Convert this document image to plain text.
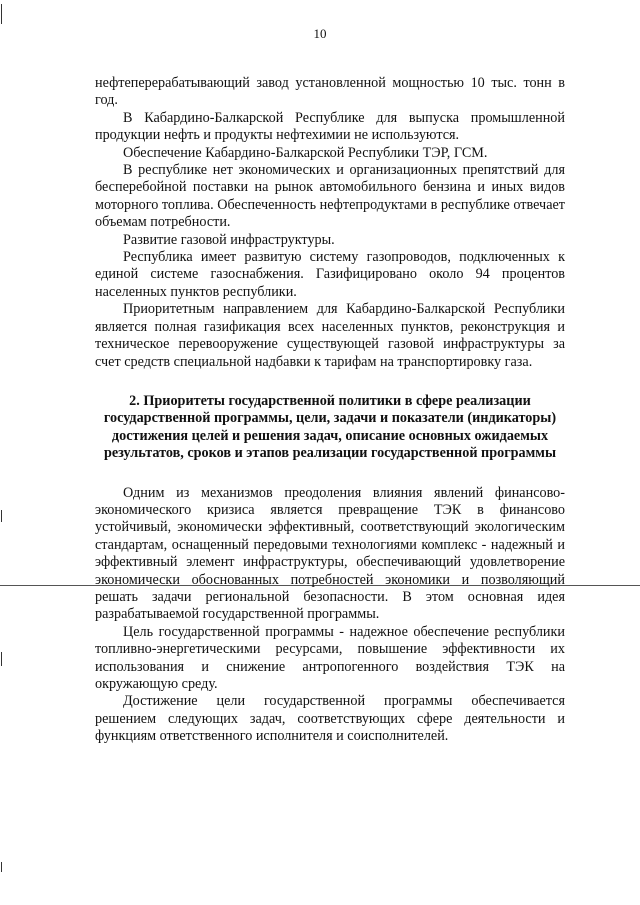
10

нефтеперерабатывающий завод установленной мощностью 10 тыс. тонн в год.

В Кабардино-Балкарской Республике для выпуска промышленной продукции нефть и продукты нефтехимии не используются.

Обеспечение Кабардино-Балкарской Республики ТЭР, ГСМ.

В республике нет экономических и организационных препятствий для бесперебойной поставки на рынок автомобильного бензина и иных видов моторного топлива. Обеспеченность нефтепродуктами в республике отвечает объемам потребности.

Развитие газовой инфраструктуры.

Республика имеет развитую систему газопроводов, подключенных к единой системе газоснабжения. Газифицировано около 94 процентов населенных пунктов республики.

Приоритетным направлением для Кабардино-Балкарской Республики является полная газификация всех населенных пунктов, реконструкция и техническое перевооружение существующей газовой инфраструктуры за счет средств специальной надбавки к тарифам на транспортировку газа.

2. Приоритеты государственной политики в сфере реализации государственной программы, цели, задачи и показатели (индикаторы) достижения целей и решения задач, описание основных ожидаемых результатов, сроков и этапов реализации государственной программы

Одним из механизмов преодоления влияния явлений финансово-экономического кризиса является превращение ТЭК в финансово устойчивый, экономически эффективный, соответствующий экологическим стандартам, оснащенный передовыми технологиями комплекс - надежный и эффективный элемент инфраструктуры, обеспечивающий удовлетворение экономически обоснованных потребностей экономики и позволяющий решать задачи региональной безопасности. В этом основная идея разрабатываемой государственной программы.

Цель государственной программы - надежное обеспечение республики топливно-энергетическими ресурсами, повышение эффективности их использования и снижение антропогенного воздействия ТЭК на окружающую среду.

Достижение цели государственной программы обеспечивается решением следующих задач, соответствующих сфере деятельности и функциям ответственного исполнителя и соисполнителей.
